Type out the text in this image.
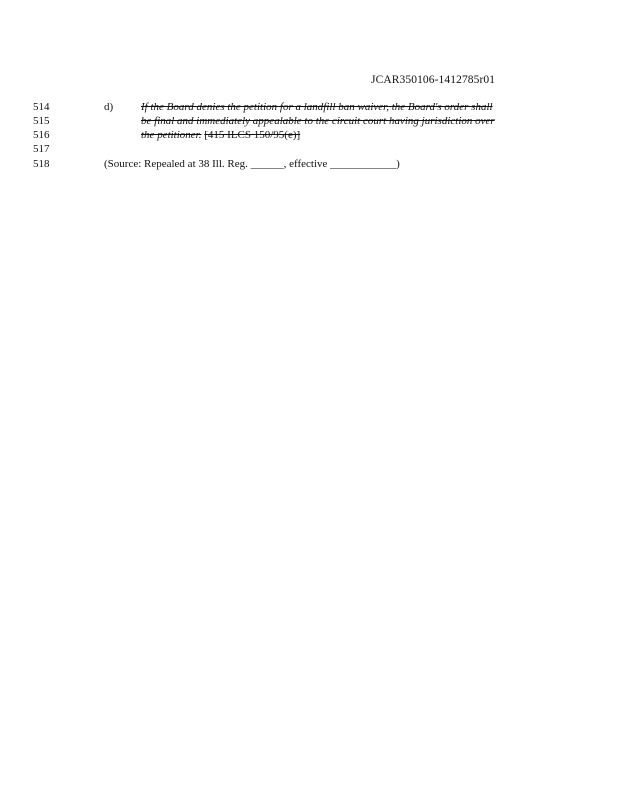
JCAR350106-1412785r01
514
515
516
517
518
d)	If the Board denies the petition for a landfill ban waiver, the Board's order shall
be final and immediately appealable to the circuit court having jurisdiction over
the petitioner. [415 ILCS 150/95(e)]
(Source: Repealed at 38 Ill. Reg. ______, effective ____________)
